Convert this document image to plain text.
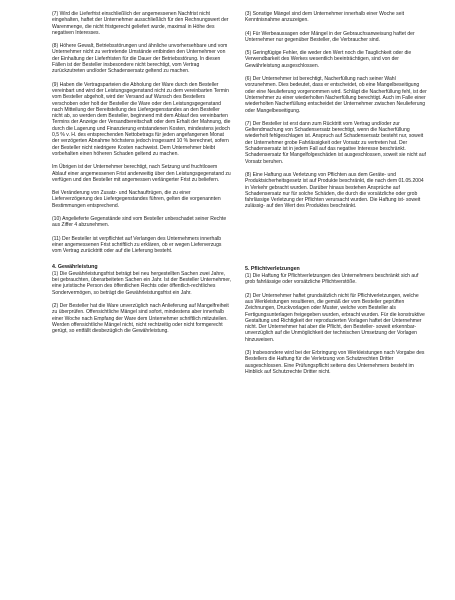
(7) Wird die Lieferfrist einschließlich der angemessenen Nachfrist nicht eingehalten, haftet der Unternehmer ausschließlich für den Rechnungswert der Warenmenge, die nicht fristgerecht geliefert wurde, maximal in Höhe des negativen Interesses.

(8) Höhere Gewalt, Betriebsstörungen und ähnliche unvorhersehbare und vom Unternehmer nicht zu vertretende Umstände entbinden den Unternehmer von der Einhaltung der Lieferfristen für die Dauer der Betriebsstörung. In diesen Fällen ist der Besteller insbesondere nicht berechtigt, vom Vertrag zurückzutreten und/oder Schadensersatz geltend zu machen.

(9) Haben die Vertragsparteien die Abholung der Ware durch den Besteller vereinbart und wird der Leistungsgegenstand nicht zu dem vereinbarten Termin vom Besteller abgeholt, wird der Versand auf Wunsch des Bestellers verschoben oder holt der Besteller die Ware oder den Leistungsgegenstand nach Mitteilung der Bereitstellung des Liefergegenstandes an den Besteller nicht ab, so werden dem Besteller, beginnend mit dem Ablauf des vereinbarten Termins der Anzeige der Versandbereitschaft oder dem Erhalt der Mahnung, die durch die Lagerung und Finanzierung entstandenen Kosten, mindestens jedoch 0,5 % v. H. des entsprechenden Nettobetrags für jeden angefangenen Monat der verzögerten Abnahme höchstens jedoch insgesamt 10 % berechnet, sofern der Besteller nicht niedrigere Kosten nachweist. Dem Unternehmer bleibt vorbehalten einen höheren Schaden geltend zu machen.

Im Übrigen ist der Unternehmer berechtigt, nach Setzung und fruchtlosem Ablauf einer angemessenen Frist anderweitig über den Leistungsgegenstand zu verfügen und den Besteller mit angemessen verlängerter Frist zu beliefern.

Bei Veränderung von Zusatz- und Nachauftrügen, die zu einer Lieferverzögerung des Liefergegenstandes führen, gelten die vorgenannten Bestimmungen entsprechend.

(10) Angelieferte Gegenstände sind vom Besteller unbeschadet seiner Rechte aus Ziffer 4 abzunehmen.

(11) Der Besteller ist verpflichtet auf Verlangen des Unternehmers innerhalb einer angemessenen Frist schriftlich zu erklären, ob er wegen Lieferverzugs vom Vertrag zurücktritt oder auf die Lieferung besteht.

4. Gewährleistung

(1) Die Gewährleistungsfrist beträgt bei neu hergestellten Sachen zwei Jahre, bei gebrauchten, überarbeiteten Sachen ein Jahr. Ist der Besteller Unternehmer, eine juristische Person des öffentlichen Rechts oder öffentlich-rechtliches Sondervermögen, so beträgt die Gewährleistungsfrist ein Jahr.

(2) Der Besteller hat die Ware unverzüglich nach Anlieferung auf Mangelfreiheit zu überprüfen. Offensichtliche Mängel sind sofort, mindestens aber innerhalb einer Woche nach Empfang der Ware dem Unternehmer schriftlich mitzuteilen. Werden offensichtliche Mängel nicht, nicht rechtzeitig oder nicht formgerecht gerügt, so entfällt diesbezüglich die Gewährleistung.

(3) Sonstige Mängel sind dem Unternehmer innerhalb einer Woche seit Kenntnisnahme anzuzeigen.

(4) Für Werbeaussagen oder Mängel in der Gebrauchsanweisung haftet der Unternehmer nur gegenüber Besteller, die Verbraucher sind.

(5) Geringfügige Fehler, die weder den Wert noch die Tauglichkeit oder die Verwendbarkeit des Werkes wesentlich beeinträchtigen, sind von der Gewährleistung ausgeschlossen.

(6) Der Unternehmer ist berechtigt, Nacherfüllung nach seiner Wahl vorzunehmen. Dies bedeutet, dass er entscheidet, ob eine Mangelbeseitigung oder eine Neulieferung vorgenommen wird. Schlägt die Nacherfüllung fehl, ist der Unternehmer zu einer wiederholten Nacherfüllung berechtigt. Auch im Falle einer wiederholten Nacherfüllung entscheidet der Unternehmer zwischen Neulieferung oder Mangelbeseitigung.

(7) Der Besteller ist erst dann zum Rücktritt vom Vertrag und/oder zur Geltendmachung von Schadensersatz berechtigt, wenn die Nacherfüllung wiederholt fehlgeschlagen ist. Anspruch auf Schadensersatz besteht nur, soweit der Unternehmer grobe Fahrlässigkeit oder Vorsatz zu vertreten hat. Der Schadensersatz ist in jedem Fall auf das negative Interesse beschränkt. Schadensersatz für Mangelfolgeschäden ist ausgeschlossen, soweit sie nicht auf Vorsatz beruhen.

(8) Eine Haftung aus Verletzung von Pflichten aus dem Geräte- und Produktsicherheitsgesetz ist auf Produkte beschränkt, die nach dem 01.05.2004 in Verkehr gebracht wurden. Darüber hinaus bestehen Ansprüche auf Schadensersatz nur für solche Schäden, die durch die vorsätzliche oder grob fahrlässige Verletzung der Pflichten verursacht wurden. Die Haftung ist- soweit zulässig- auf den Wert des Produktes beschränkt.

5. Pflichtverletzungen

(1) Die Haftung für Pflichtverletzungen des Unternehmers beschränkt sich auf grob fahrlässige oder vorsätzliche Pflichtverstöße.

(2) Der Unternehmer haftet grundsätzlich nicht für Pflichtverletzungen, welche aus Werkleistungen resultieren, die gemäß der vom Besteller geprüften Zeichnungen, Druckvorlagen oder Muster, welche vom Besteller als Fertigungsunterlagen freigegeben wurden, erbracht wurden. Für die konstruktive Gestaltung und Richtigkeit der reproduzierten Vorlagen haftet der Unternehmer nicht. Der Unternehmer hat aber die Pflicht, den Besteller- soweit erkennbar- unverzüglich auf die Unmöglichkeit der technischen Umsetzung der Vorlagen hinzuweisen.

(3) Insbesondere wird bei der Erbringung von Werkleistungen nach Vorgabe des Bestellers die Haftung für die Verletzung von Schutzrechten Dritter ausgeschlossen. Eine Prüfungspflicht seitens des Unternehmers besteht im Hinblick auf Schutzrechte Dritter nicht.
